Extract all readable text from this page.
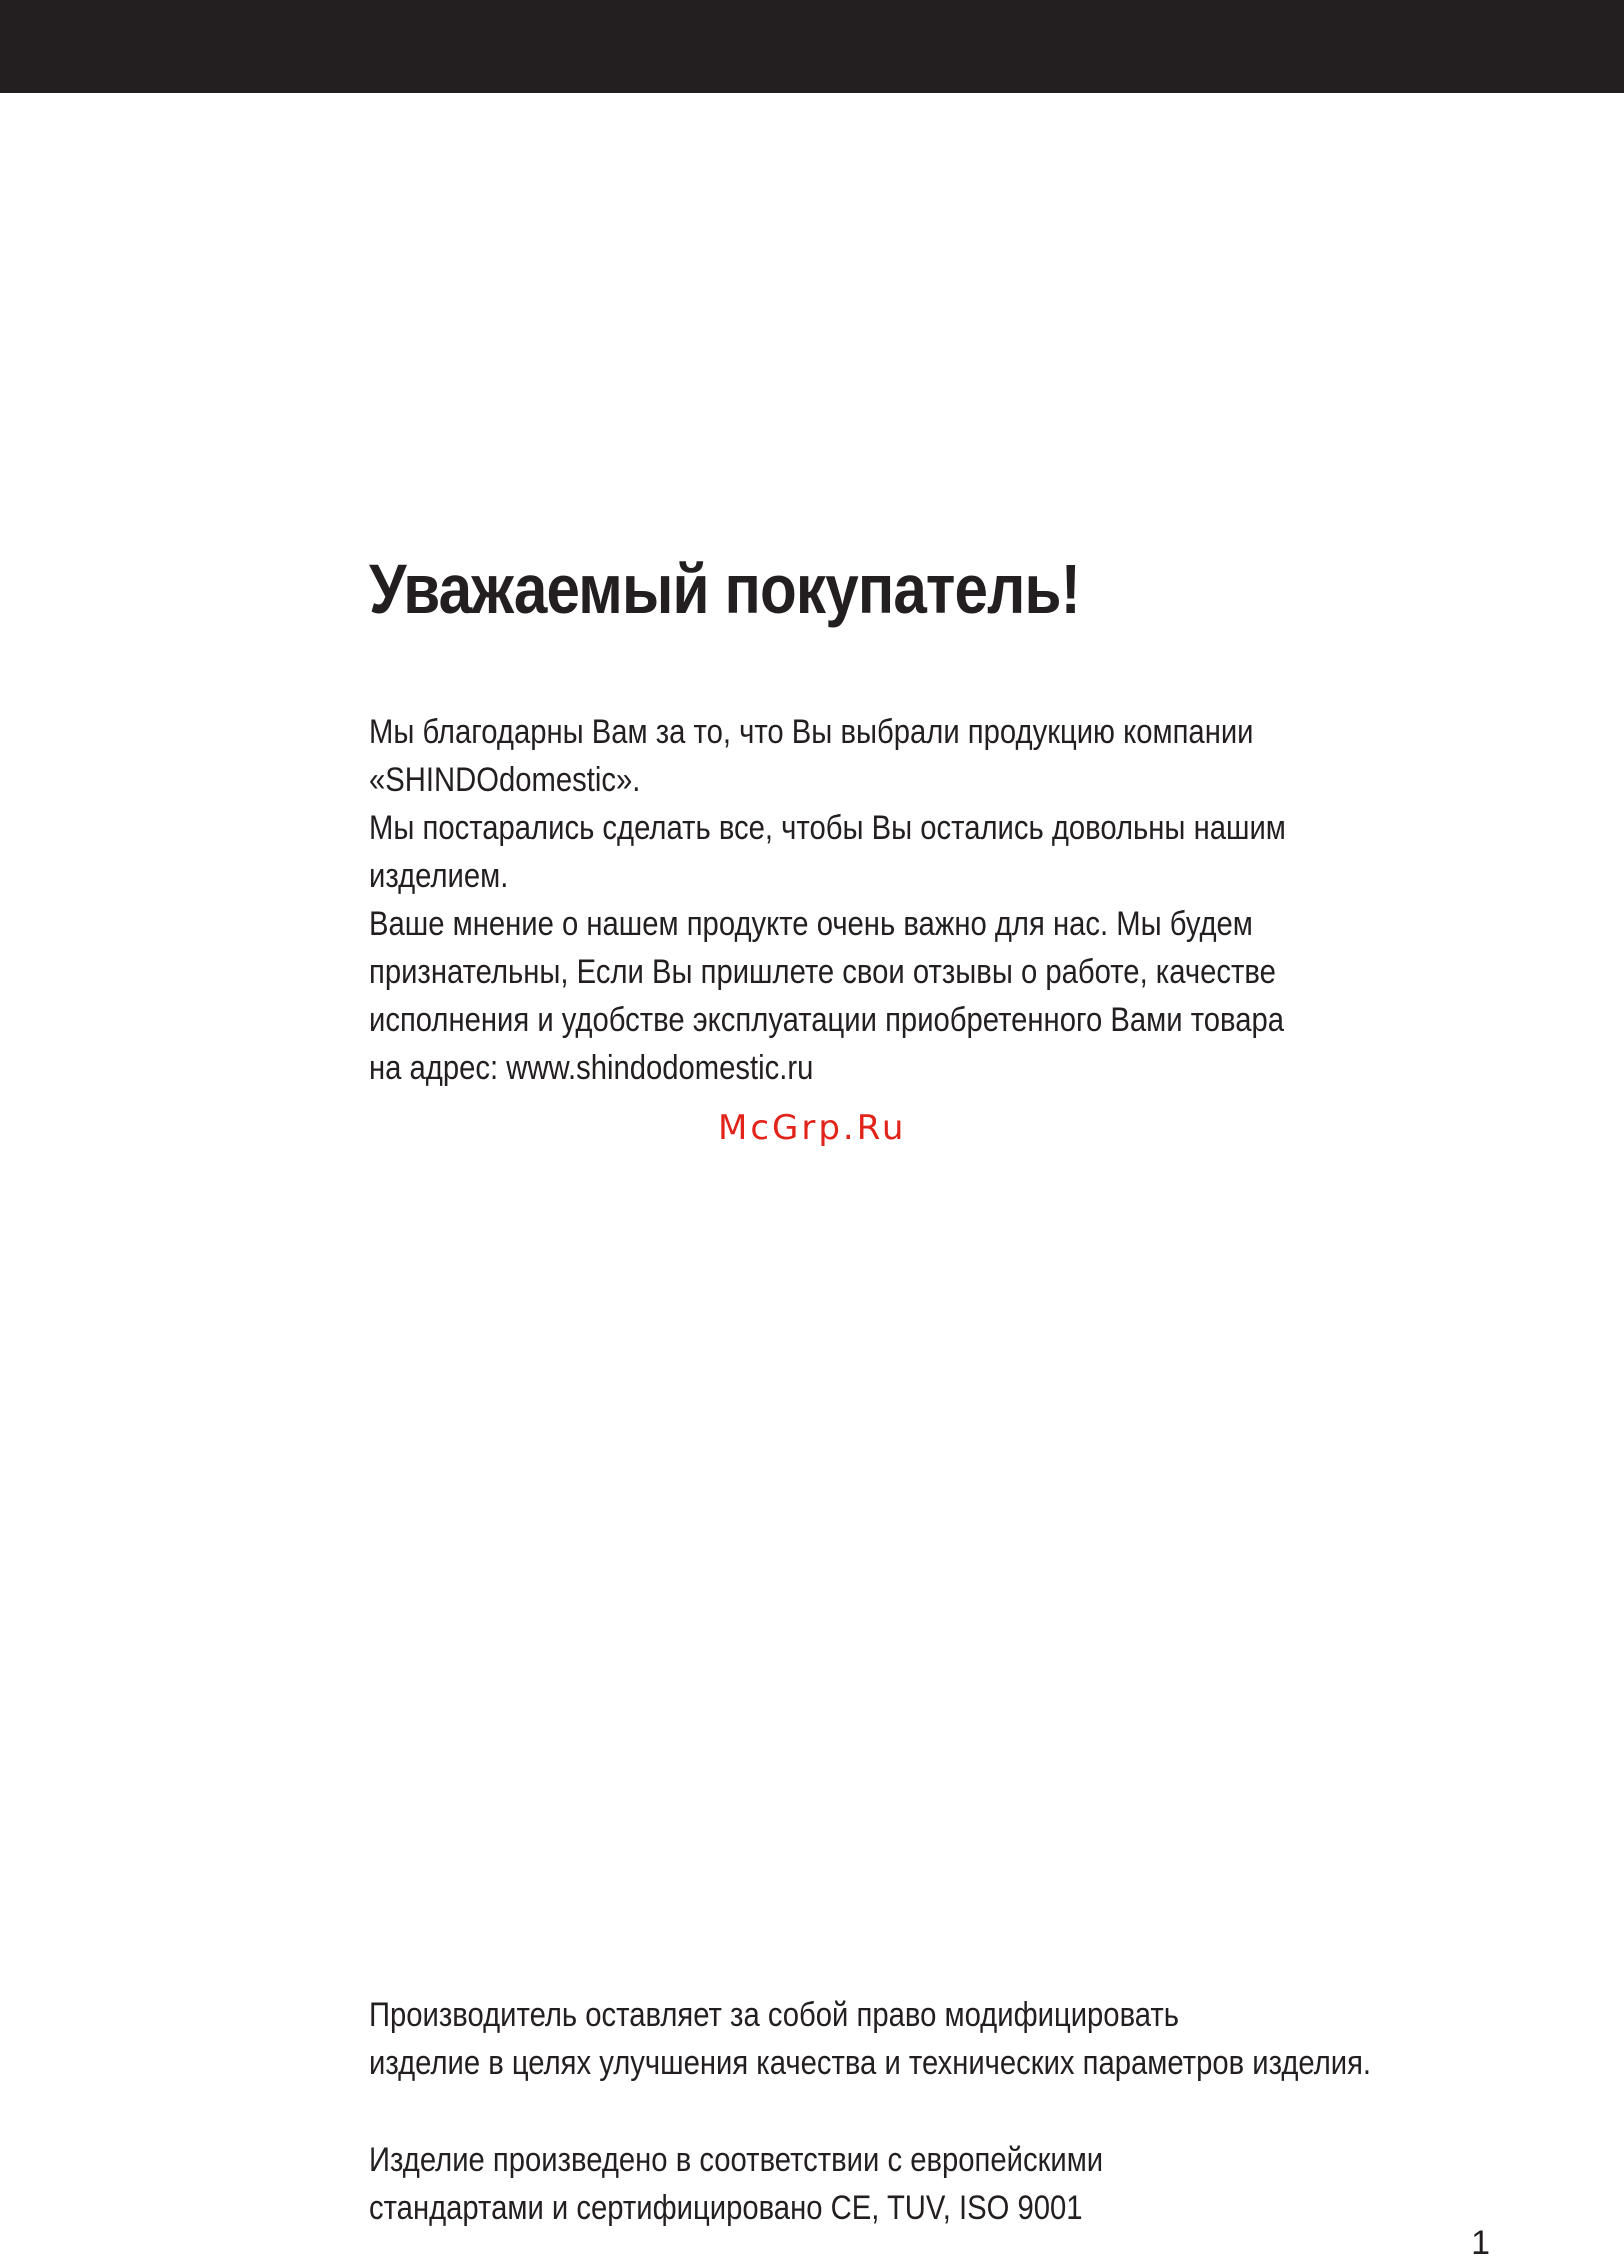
Уважаемый покупатель!
Мы благодарны Вам за то, что Вы выбрали продукцию компании
«SHINDOdomestic».
Мы постарались сделать все, чтобы Вы остались довольны нашим
изделием.
Ваше мнение о нашем продукте очень важно для нас. Мы будем
признательны, Если Вы пришлете свои отзывы о работе, качестве
исполнения и удобстве эксплуатации приобретенного Вами товара
на адрес: www.shindodomestic.ru
McGrp.Ru
Производитель оставляет за собой право модифицировать
изделие в целях улучшения качества и технических параметров изделия.
Изделие произведено в соответствии с европейскими
стандартами и сертифицировано CE, TUV, ISO 9001
1
